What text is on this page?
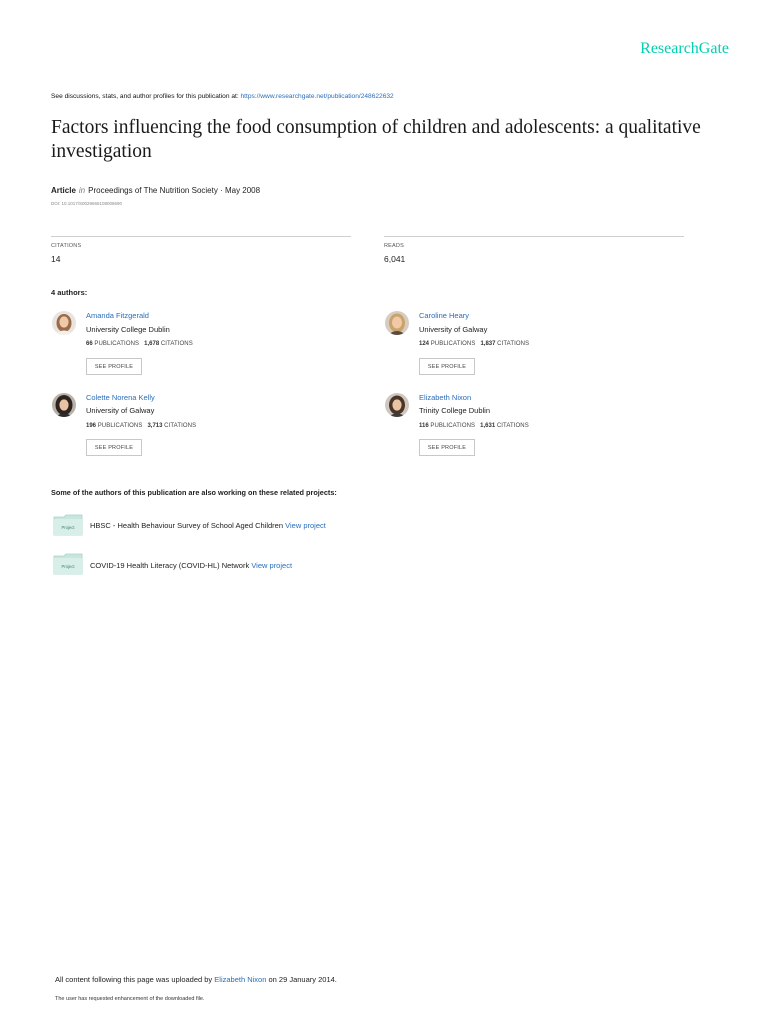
ResearchGate
See discussions, stats, and author profiles for this publication at: https://www.researchgate.net/publication/248622632
Factors influencing the food consumption of children and adolescents: a qualitative investigation
Article in Proceedings of The Nutrition Society · May 2008
DOI: 10.1017/S0029665108008690
CITATIONS
14
READS
6,041
4 authors:
Amanda Fitzgerald
University College Dublin
66 PUBLICATIONS 1,678 CITATIONS
SEE PROFILE
Caroline Heary
University of Galway
124 PUBLICATIONS 1,837 CITATIONS
SEE PROFILE
Colette Norena Kelly
University of Galway
196 PUBLICATIONS 3,713 CITATIONS
SEE PROFILE
Elizabeth Nixon
Trinity College Dublin
116 PUBLICATIONS 1,631 CITATIONS
SEE PROFILE
Some of the authors of this publication are also working on these related projects:
Project HBSC - Health Behaviour Survey of School Aged Children View project
Project COVID-19 Health Literacy (COVID-HL) Network View project
All content following this page was uploaded by Elizabeth Nixon on 29 January 2014.
The user has requested enhancement of the downloaded file.
